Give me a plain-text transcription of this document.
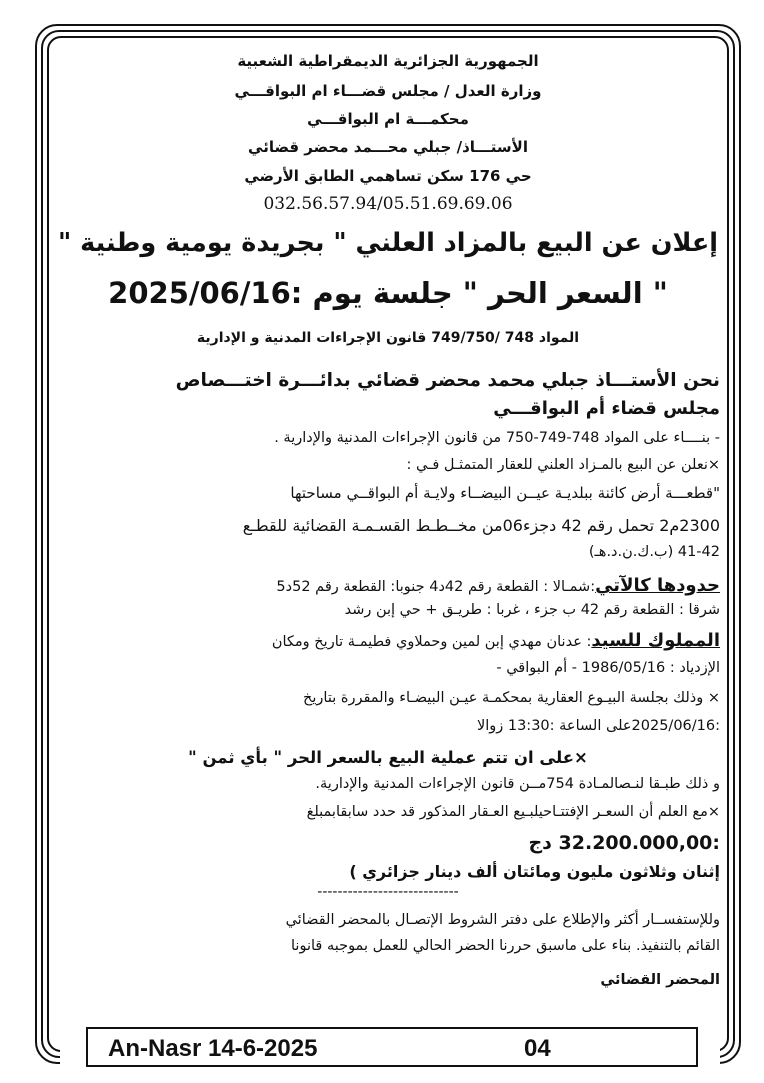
الجمهورية الجزائرية الديمقراطية الشعبية
وزارة العدل / مجلس قضـــاء ام البواقـــي
محكمـــة ام البواقـــي
الأستـــاذ/ جبلي محـــمد محضر قضائي
حي 176 سكن تساهمي الطابق الأرضي
032.56.57.94/05.51.69.69.06
إعلان عن البيع بالمزاد العلني " بجريدة يومية وطنية "
" السعر الحر " جلسة يوم :2025/06/16
المواد 748 /749/750 قانون الإجراءات المدنية و الإدارية
نحن الأستـــاذ جبلي محمد محضر قضائي بدائـــرة اختـــصاص
مجلس قضاء أم البواقـــي
- بنــــاء على المواد 748-749-750 من قانون الإجراءات المدنية والإدارية .
×نعلن عن البيع بالمـزاد العلني للعقار المتمثـل فـي :
"قطعـــة أرض كائنة ببلديـة عيــن البيضــاء ولايـة أم البواقــي مساحتها
2300م2 تحمل رقم 42 دجزء06من مخــطـط القسـمـة القضائية للقطـع
41-42 (ب.ك.ن.د.هـ)
حدودها كالآتي:شمـالا : القطعة رقم 42د4 جنوبا: القطعة رقم 52د5
شرقا : القطعة رقم 42 ب جزء ، غربا : طريـق + حي إبن رشد
المملوك للسيد: عدنان مهدي إبن لمين وحملاوي فطيمـة تاريخ ومكان
الإزدياد : 1986/05/16 - أم البواقي -
× وذلك بجلسة البيـوع العقارية بمحكمـة عيـن البيضـاء والمقررة بتاريخ
:2025/06/16على الساعة :13:30 زوالا
×على ان تتم عملية البيع بالسعر الحر " بأي ثمن "
و ذلك طبـقا لنـصالمـادة 754مــن قانون الإجراءات المدنية والإدارية.
×مع العلم أن السعـر الإفتتـاحيلبـيع العـقار المذكور قد حدد سابقابمبلغ
:32.200.000,00 دج
إثنان وثلاثون مليون ومائتان ألف دينار جزائري )
----------------------------
وللإستفســار أكثر والإطلاع على دفتر الشروط الإتصـال بالمحضر القضائي
القائم بالتنفيذ. بناء على ماسبق حررنا الحضر الحالي للعمل بموجبه قانونا
المحضر القضائي
An-Nasr 14-6-2025	04
